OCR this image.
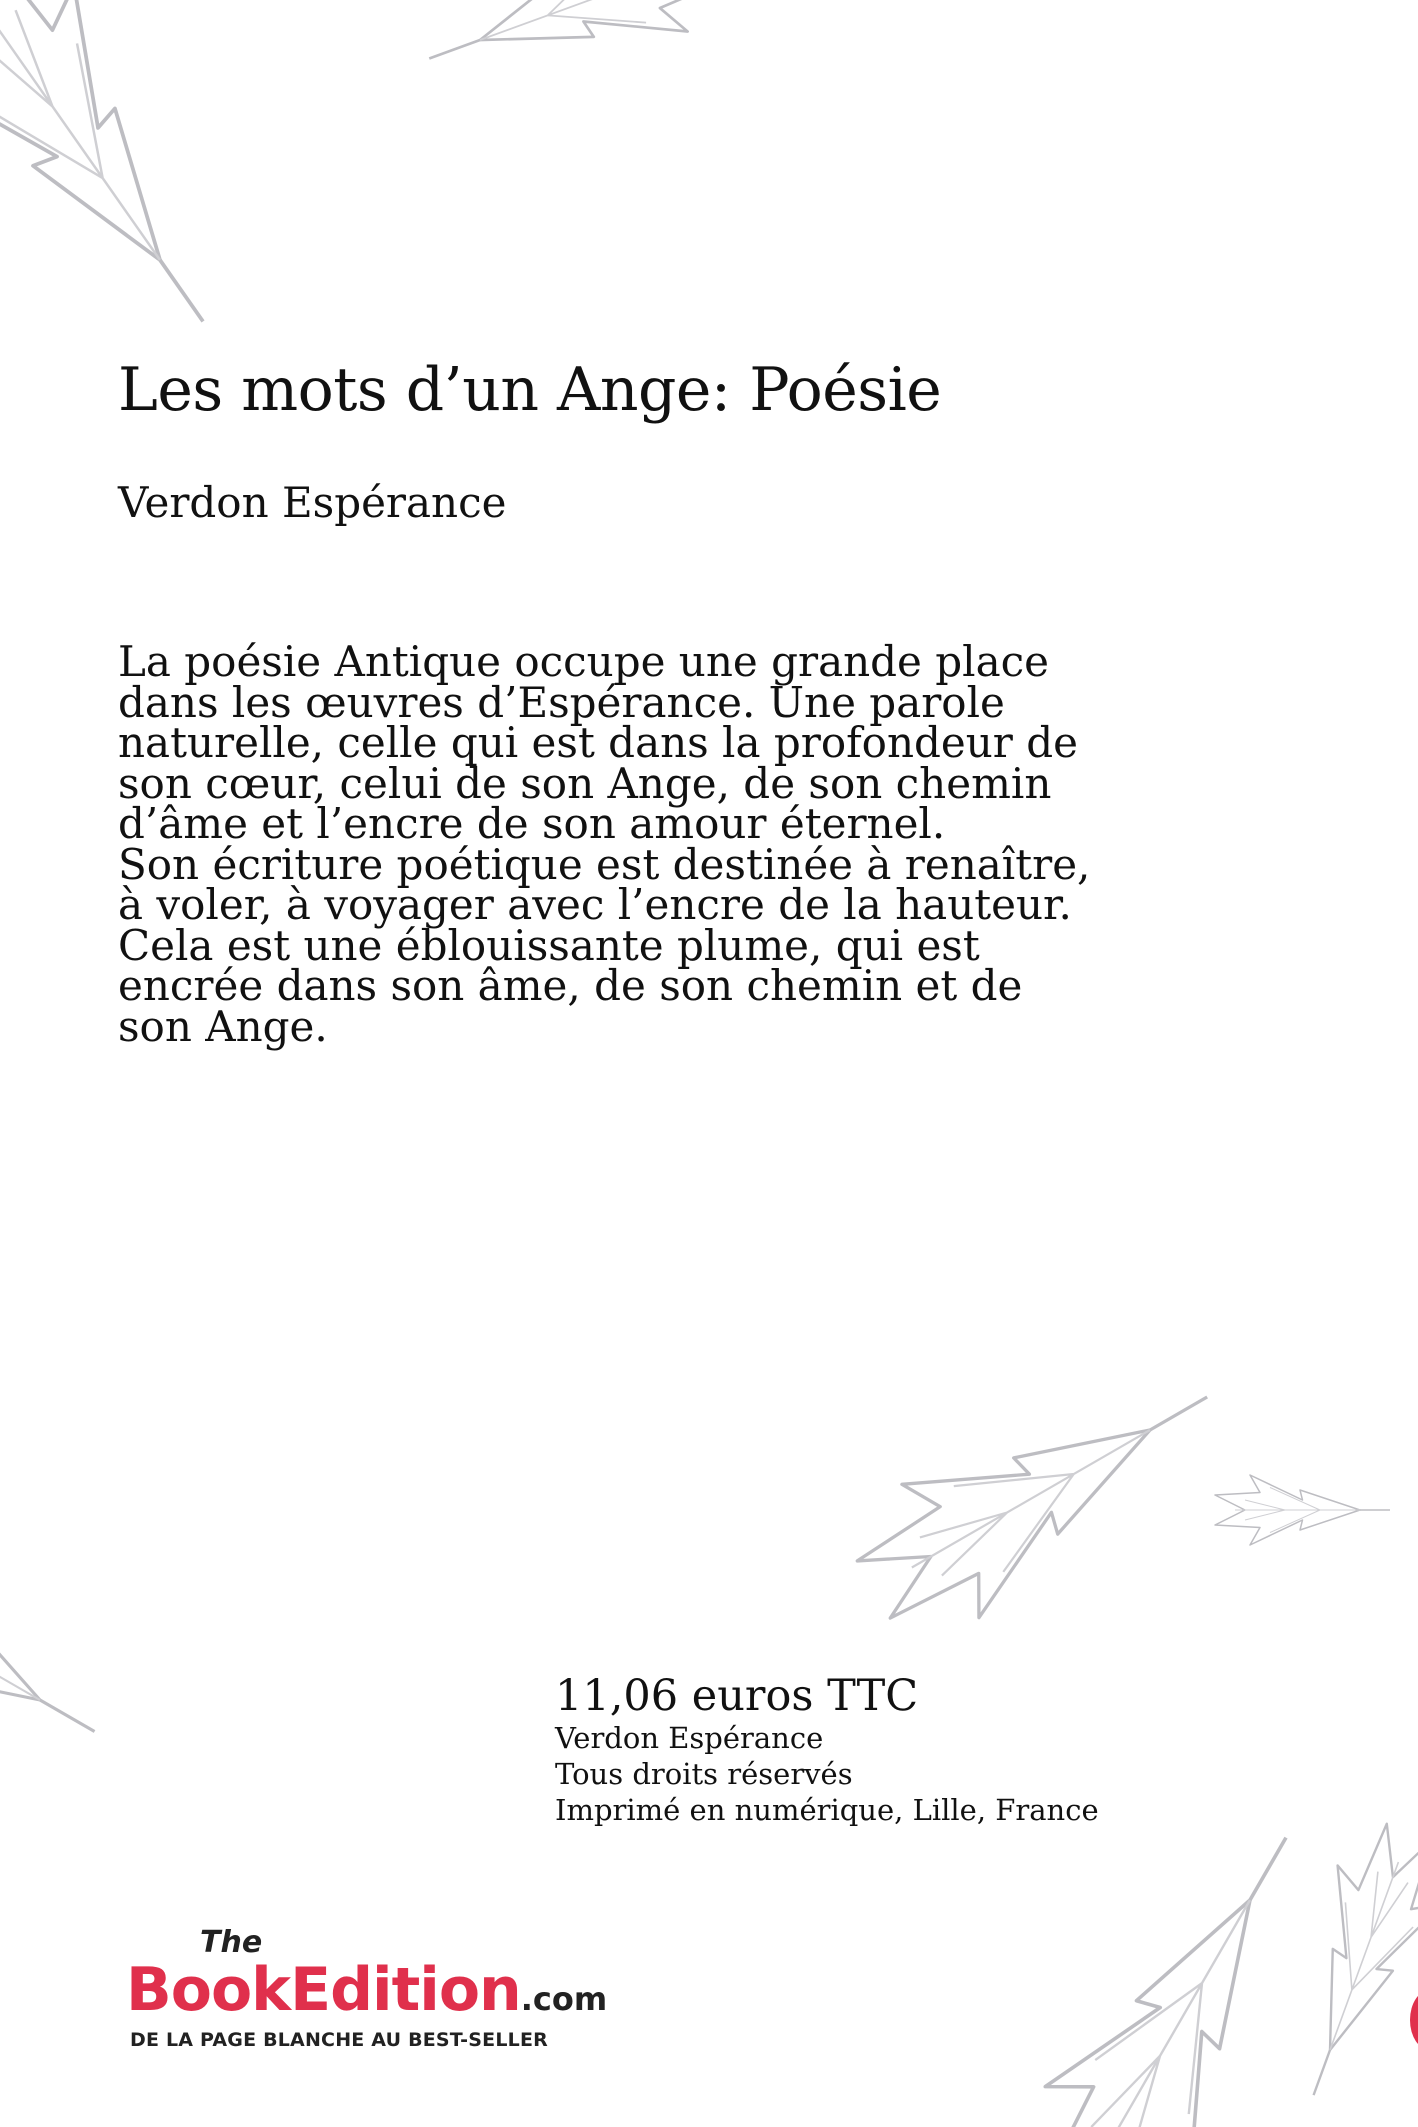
Les mots d’un Ange: Poésie
Verdon Espérance

La poésie Antique occupe une grande place dans les œuvres d’Espérance. Une parole naturelle, celle qui est dans la profondeur de son cœur, celui de son Ange, de son chemin d’âme et l’encre de son amour éternel.

Son écriture poétique est destinée à renaître, à voler, à voyager avec l’encre de la hauteur. Cela est une éblouissante plume, qui est encrée dans son âme, de son chemin et de son Ange.

11,06 euros TTC
Verdon Espérance
Tous droits réservés
Imprimé en numérique, Lille, France
The
BookEdition.com
DE LA PAGE BLANCHE AU BEST-SELLER
